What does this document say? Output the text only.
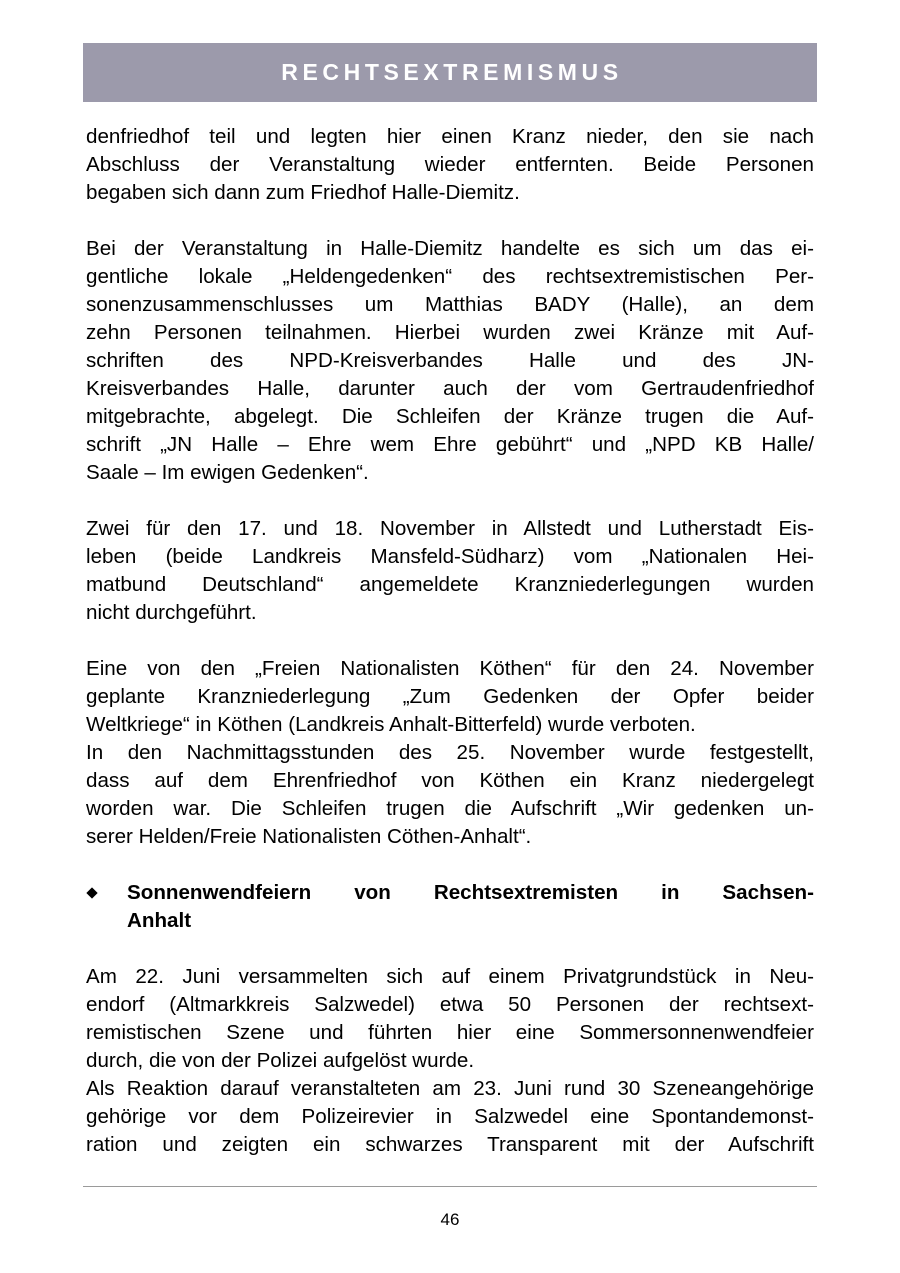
RECHTSEXTREMISMUS

denfriedhof teil und legten hier einen Kranz nieder, den sie nach
Abschluss der Veranstaltung wieder entfernten. Beide Personen
begaben sich dann zum Friedhof Halle-Diemitz.

Bei der Veranstaltung in Halle-Diemitz handelte es sich um das ei-
gentliche lokale „Heldengedenken“ des rechtsextremistischen Per-
sonenzusammenschlusses um Matthias BADY (Halle), an dem
zehn Personen teilnahmen. Hierbei wurden zwei Kränze mit Auf-
schriften des NPD-Kreisverbandes Halle und des JN-
Kreisverbandes Halle, darunter auch der vom Gertraudenfriedhof
mitgebrachte, abgelegt. Die Schleifen der Kränze trugen die Auf-
schrift „JN Halle – Ehre wem Ehre gebührt“ und „NPD KB Halle/
Saale – Im ewigen Gedenken“.

Zwei für den 17. und 18. November in Allstedt und Lutherstadt Eis-
leben (beide Landkreis Mansfeld-Südharz) vom „Nationalen Hei-
matbund Deutschland“ angemeldete Kranzniederlegungen wurden
nicht durchgeführt.

Eine von den „Freien Nationalisten Köthen“ für den 24. November
geplante Kranzniederlegung „Zum Gedenken der Opfer beider
Weltkriege“ in Köthen (Landkreis Anhalt-Bitterfeld) wurde verboten.
In den Nachmittagsstunden des 25. November wurde festgestellt,
dass auf dem Ehrenfriedhof von Köthen ein Kranz niedergelegt
worden war. Die Schleifen trugen die Aufschrift „Wir gedenken un-
serer Helden/Freie Nationalisten Cöthen-Anhalt“.

Sonnenwendfeiern von Rechtsextremisten in Sachsen-
Anhalt

Am 22. Juni versammelten sich auf einem Privatgrundstück in Neu-
endorf (Altmarkkreis Salzwedel) etwa 50 Personen der rechtsext-
remistischen Szene und führten hier eine Sommersonnenwendfeier
durch, die von der Polizei aufgelöst wurde.
Als Reaktion darauf veranstalteten am 23. Juni rund 30 Szeneangehörige
gehörige vor dem Polizeirevier in Salzwedel eine Spontandemonst-
ration und zeigten ein schwarzes Transparent mit der Aufschrift

46
